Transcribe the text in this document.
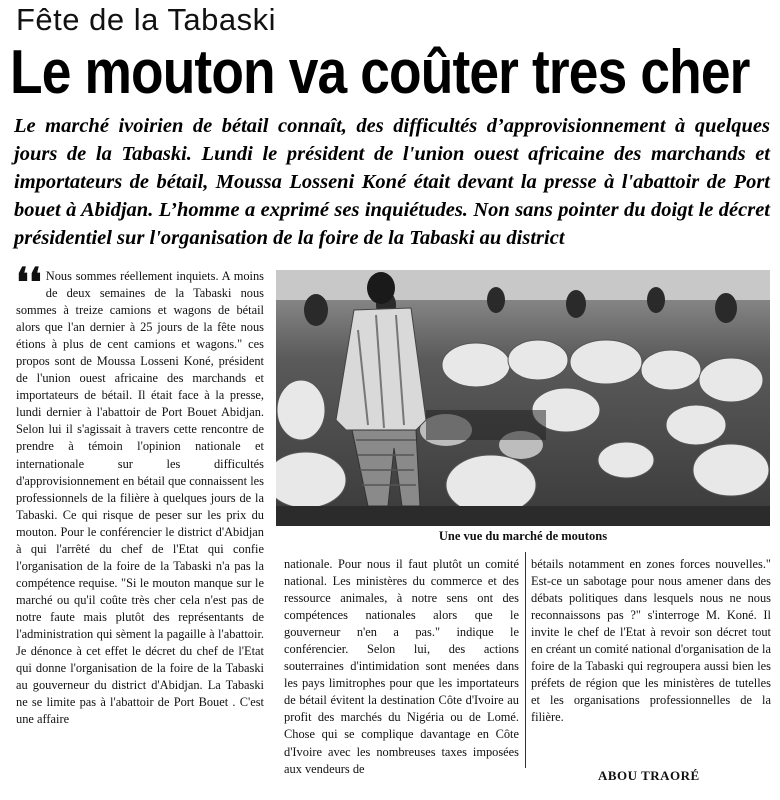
Fête de la Tabaski
Le mouton va coûter tres cher
Le marché ivoirien de bétail connaît, des difficultés d’approvisionnement à quelques jours de la Tabaski. Lundi le président de l'union ouest africaine des marchands et importateurs de bétail, Moussa Losseni Koné était devant la presse à l'abattoir de Port bouet à Abidjan. L’homme a exprimé ses inquiétudes. Non sans pointer du doigt le décret présidentiel sur l'organisation de la foire de la Tabaski au district
❛❛ Nous sommes réellement inquiets. A moins de deux semaines de la Tabaski nous sommes à treize camions et wagons de bétail alors que l'an dernier à 25 jours de la fête nous étions à plus de cent camions et wagons." ces propos sont de Moussa Losseni Koné, président de l'union ouest africaine des marchands et importateurs de bétail. Il était face à la presse, lundi dernier à l'abattoir de Port Bouet Abidjan. Selon lui il s'agissait à travers cette rencontre de prendre à témoin l'opinion nationale et internationale sur les difficultés d'approvisionnement en bétail que connaissent les professionnels de la filière à quelques jours de la Tabaski. Ce qui risque de peser sur les prix du mouton. Pour le conférencier le district d'Abidjan à qui l'arrêté du chef de l'Etat qui confie l'organisation de la foire de la Tabaski n'a pas la compétence requise. "Si le mouton manque sur le marché ou qu'il coûte très cher cela n'est pas de notre faute mais plutôt des représentants de l'administration qui sèment la pagaille à l'abattoir. Je dénonce à cet effet le décret du chef de l'Etat qui donne l'organisation de la foire de la Tabaski au gouverneur du district d'Abidjan. La Tabaski ne se limite pas à l'abattoir de Port Bouet . C'est une affaire

Une vue du marché de moutons

nationale. Pour nous il faut plutôt un comité national. Les ministères du commerce et des ressource animales, à notre sens ont des compétences nationales alors que le gouverneur n'en a pas." indique le conférencier. Selon lui, des actions souterraines d'intimidation sont menées dans les pays limitrophes pour que les importateurs de bétail évitent la destination Côte d'Ivoire au profit des marchés du Nigéria ou de Lomé. Chose qui se complique davantage en Côte d'Ivoire avec les nombreuses taxes imposées aux vendeurs de

bétails notamment en zones forces nouvelles." Est-ce un sabotage pour nous amener dans des débats politiques dans lesquels nous ne nous reconnaissons pas ?" s'interroge M. Koné. Il invite le chef de l'Etat à revoir son décret tout en créant un comité national d'organisation de la foire de la Tabaski qui regroupera aussi bien les préfets de région que les ministères de tutelles et les organisations professionnelles de la filière.

ABOU TRAORÉ
